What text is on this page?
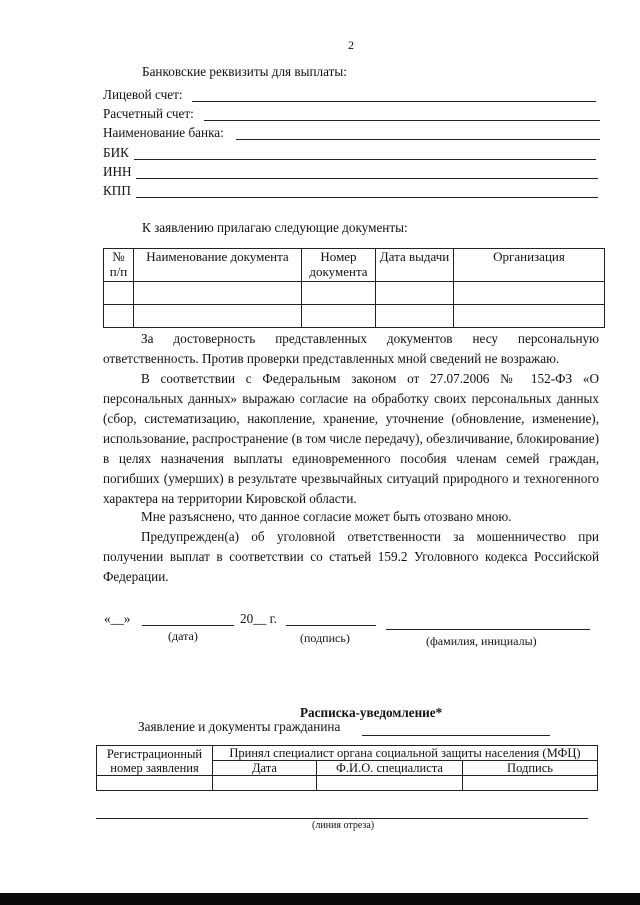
2
Банковские реквизиты для выплаты:
Лицевой счет:
Расчетный счет:
Наименование банка:
БИК
ИНН
КПП
К заявлению прилагаю следующие документы:
№ п/п	Наименование документа	Номер документа	Дата выдачи	Организация

За достоверность представленных документов несу персональную ответственность. Против проверки представленных мной сведений не возражаю.

В соответствии с Федеральным законом от 27.07.2006 № 152-ФЗ «О персональных данных» выражаю согласие на обработку своих персональных данных (сбор, систематизацию, накопление, хранение, уточнение (обновление, изменение), использование, распространение (в том числе передачу), обезличивание, блокирование) в целях назначения выплаты единовременного пособия членам семей граждан, погибших (умерших) в результате чрезвычайных ситуаций природного и техногенного характера на территории Кировской области.

Мне разъяснено, что данное согласие может быть отозвано мною.

Предупрежден(а) об уголовной ответственности за мошенничество при получении выплат в соответствии со статьей 159.2 Уголовного кодекса Российской Федерации.

«__»	20__ г.
(дата)	(подпись)	(фамилия, инициалы)
Расписка-уведомление*
Заявление и документы гражданина
Регистрационный номер заявления	Принял специалист органа социальной защиты населения (МФЦ)		
	Дата	Ф.И.О. специалиста	Подпись

(линия отреза)
